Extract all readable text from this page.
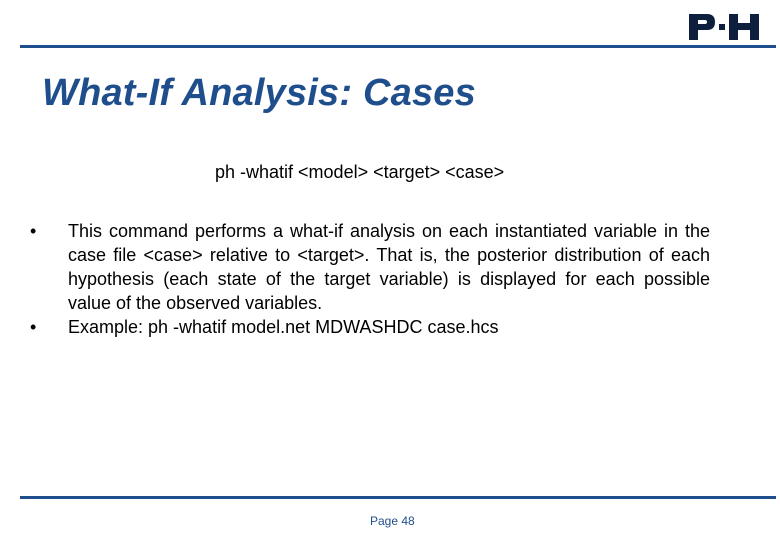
What-If Analysis: Cases
ph -whatif <model> <target> <case>
•	This command performs a what-if analysis on each instantiated variable in the case file <case> relative to <target>. That is, the posterior distribution of each hypothesis (each state of the target variable) is displayed for each possible value of the observed variables.
•	Example: ph -whatif model.net MDWASHDC case.hcs
Page 48
